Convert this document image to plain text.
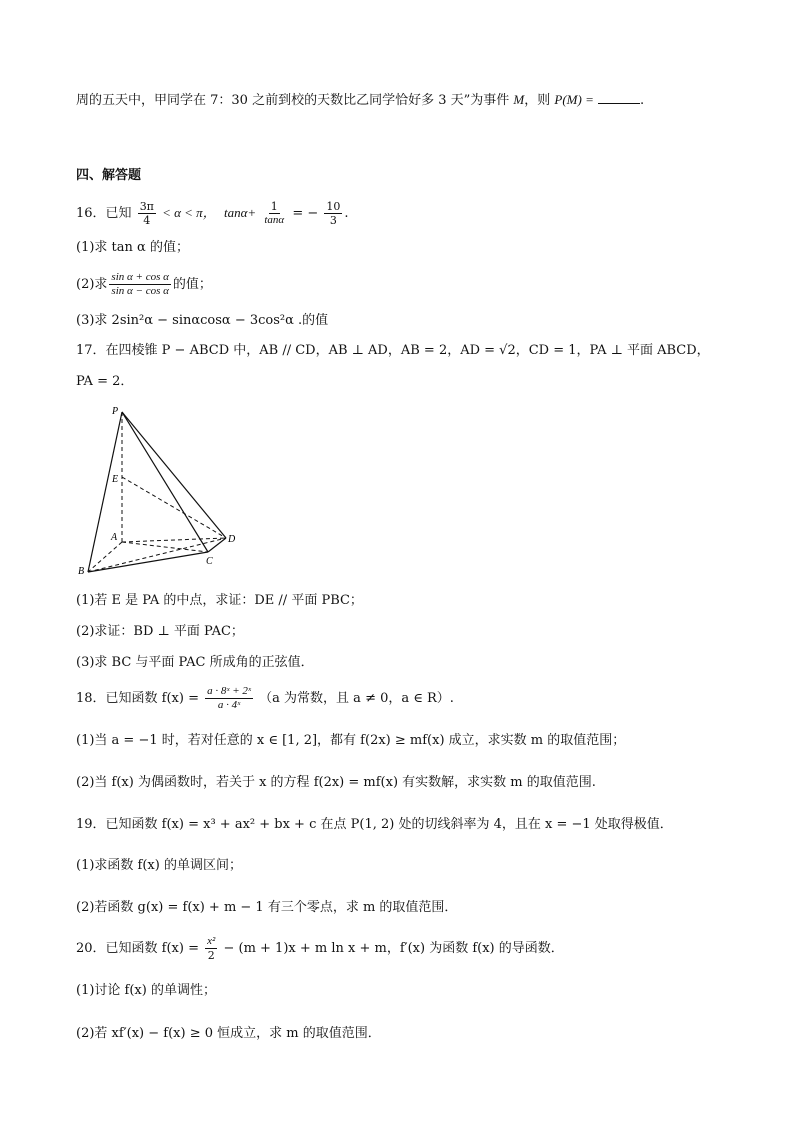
周的五天中，甲同学在 7：30 之前到校的天数比乙同学恰好多 3 天”为事件 M，则 P(M) =	.
四、解答题
16．已知 $\frac{3\pi}{4} < \alpha < \pi$， $\tan\alpha+ \frac{1}{\tan\alpha}$ = − $\frac{10}{3}$ .
(1)求 tan α 的值；
(2)求 $\frac{\text{sin α + cos α}}{\text{sin α − cos α}}$ 的值；
(3)求 2sin²α − sinαcosα − 3cos²α .的值
17．在四棱锥 P − ABCD 中，AB // CD，AB ⊥ AD，AB = 2，AD = √2，CD = 1，PA ⊥ 平面 ABCD，
PA = 2．
P
E
A
B
C
D
(1)若 E 是 PA 的中点，求证：DE // 平面 PBC；
(2)求证：BD ⊥ 平面 PAC；
(3)求 BC 与平面 PAC 所成角的正弦值．
18．已知函数 $f(x) = \frac{\text{a · 8ˣ + 2ˣ}}{\text{a · 4ˣ}} (a$ 为常数，且 a ≠ 0，a ∈ R）.
(1)当 a = −1 时，若对任意的 x ∈ [1, 2]，都有 f(2x) ≥ mf(x) 成立，求实数 m 的取值范围；
(2)当 f(x) 为偶函数时，若关于 x 的方程 f(2x) = mf(x) 有实数解，求实数 m 的取值范围.
19．已知函数 f(x) = x³ + ax² + bx + c 在点 P(1, 2) 处的切线斜率为 4，且在 x = −1 处取得极值．
(1)求函数 f(x) 的单调区间；
(2)若函数 g(x) = f(x) + m − 1 有三个零点，求 m 的取值范围．
20．已知函数 $f(x) = \frac{\text{x²}}{2} - (m + 1)x + m$ ln x + m，f′(x) 为函数 f(x) 的导函数．
(1)讨论 f(x) 的单调性；
(2)若 xf′(x) − f(x) ≥ 0 恒成立，求 m 的取值范围．
